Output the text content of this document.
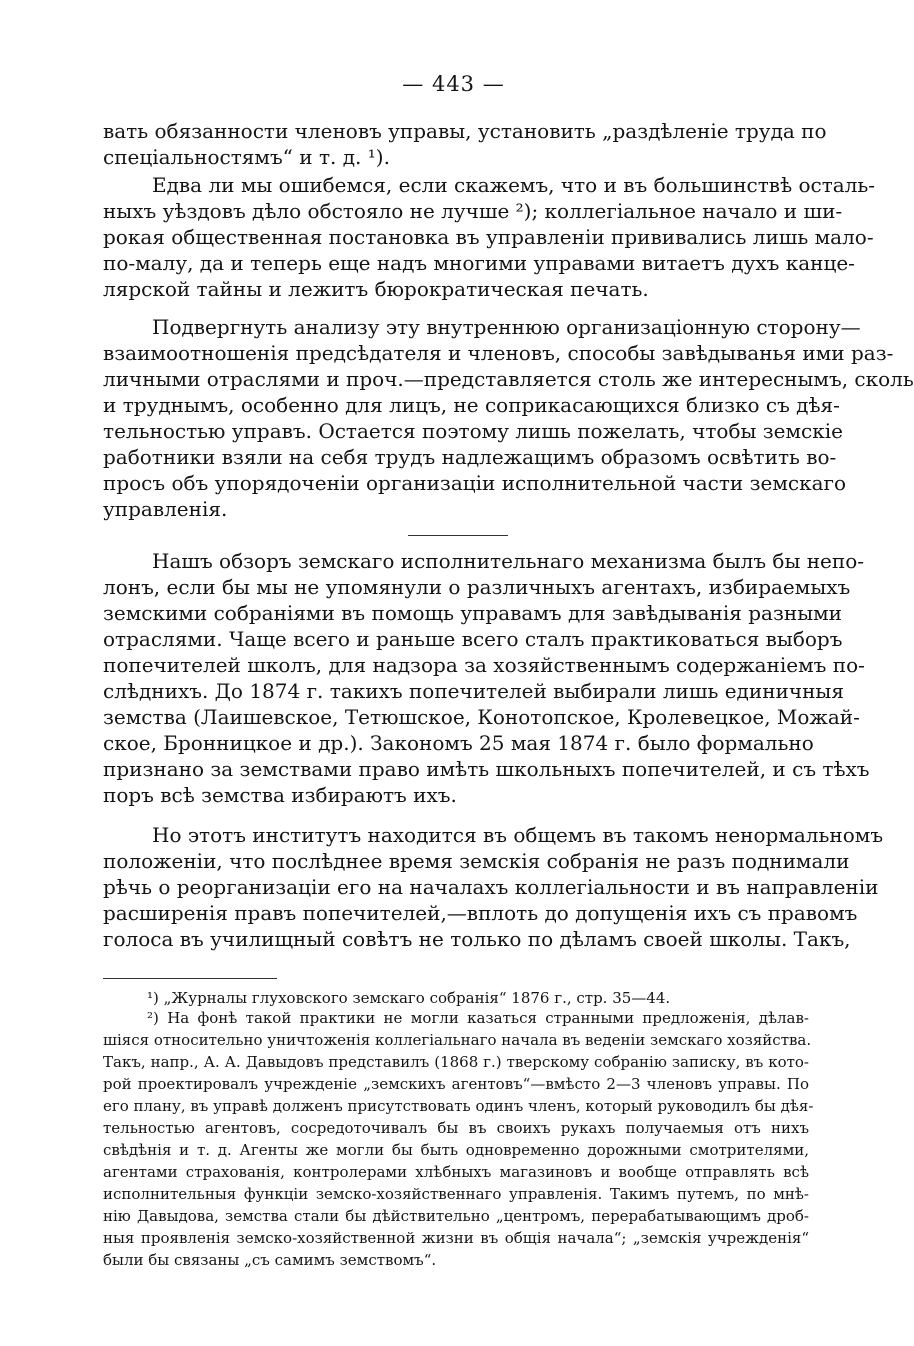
— 443 —

вать обязанности членовъ управы, установить „раздѣленіе труда по

спеціальностямъ“ и т. д. ¹).

Едва ли мы ошибемся, если скажемъ, что и въ большинствѣ осталь-

ныхъ уѣздовъ дѣло обстояло не лучше ²); коллегіальное начало и ши-

рокая общественная постановка въ управленіи прививались лишь мало-

по-малу, да и теперь еще надъ многими управами витаетъ духъ канце-

лярской тайны и лежитъ бюрократическая печать.

Подвергнуть анализу эту внутреннюю организаціонную сторону—

взаимоотношенія предсѣдателя и членовъ, способы завѣдыванья ими раз-

личными отраслями и проч.—представляется столь же интереснымъ, сколь

и труднымъ, особенно для лицъ, не соприкасающихся близко съ дѣя-

тельностью управъ. Остается поэтому лишь пожелать, чтобы земскіе

работники взяли на себя трудъ надлежащимъ образомъ освѣтить во-

просъ объ упорядоченіи организаціи исполнительной части земскаго

управленія.

Нашъ обзоръ земскаго исполнительнаго механизма былъ бы непо-

лонъ, если бы мы не упомянули о различныхъ агентахъ, избираемыхъ

земскими собраніями въ помощь управамъ для завѣдыванія разными

отраслями. Чаще всего и раньше всего сталъ практиковаться выборъ

попечителей школъ, для надзора за хозяйственнымъ содержаніемъ по-

слѣднихъ. До 1874 г. такихъ попечителей выбирали лишь единичныя

земства (Лаишевское, Тетюшское, Конотопское, Кролевецкое, Можай-

ское, Бронницкое и др.). Закономъ 25 мая 1874 г. было формально

признано за земствами право имѣть школьныхъ попечителей, и съ тѣхъ

поръ всѣ земства избираютъ ихъ.

Но этотъ институтъ находится въ общемъ въ такомъ ненормальномъ

положеніи, что послѣднее время земскія собранія не разъ поднимали

рѣчь о реорганизаціи его на началахъ коллегіальности и въ направленіи

расширенія правъ попечителей,—вплоть до допущенія ихъ съ правомъ

голоса въ училищный совѣтъ не только по дѣламъ своей школы. Такъ,

¹) „Журналы глуховского земскаго собранія“ 1876 г., стр. 35—44.

²) На фонѣ такой практики не могли казаться странными предложенія, дѣлав-

шіяся относительно уничтоженія коллегіальнаго начала въ веденіи земскаго хозяйства.

Такъ, напр., А. А. Давыдовъ представилъ (1868 г.) тверскому собранію записку, въ кото-

рой проектировалъ учрежденіе „земскихъ агентовъ“—вмѣсто 2—3 членовъ управы. По

его плану, въ управѣ долженъ присутствовать одинъ членъ, который руководилъ бы дѣя-

тельностью агентовъ, сосредоточивалъ бы въ своихъ рукахъ получаемыя отъ нихъ

свѣдѣнія и т. д. Агенты же могли бы быть одновременно дорожными смотрителями,

агентами страхованія, контролерами хлѣбныхъ магазиновъ и вообще отправлять всѣ

исполнительныя функціи земско-хозяйственнаго управленія. Такимъ путемъ, по мнѣ-

нію Давыдова, земства стали бы дѣйствительно „центромъ, перерабатывающимъ дроб-

ныя проявленія земско-хозяйственной жизни въ общія начала“; „земскія учрежденія“

были бы связаны „съ самимъ земствомъ“.
